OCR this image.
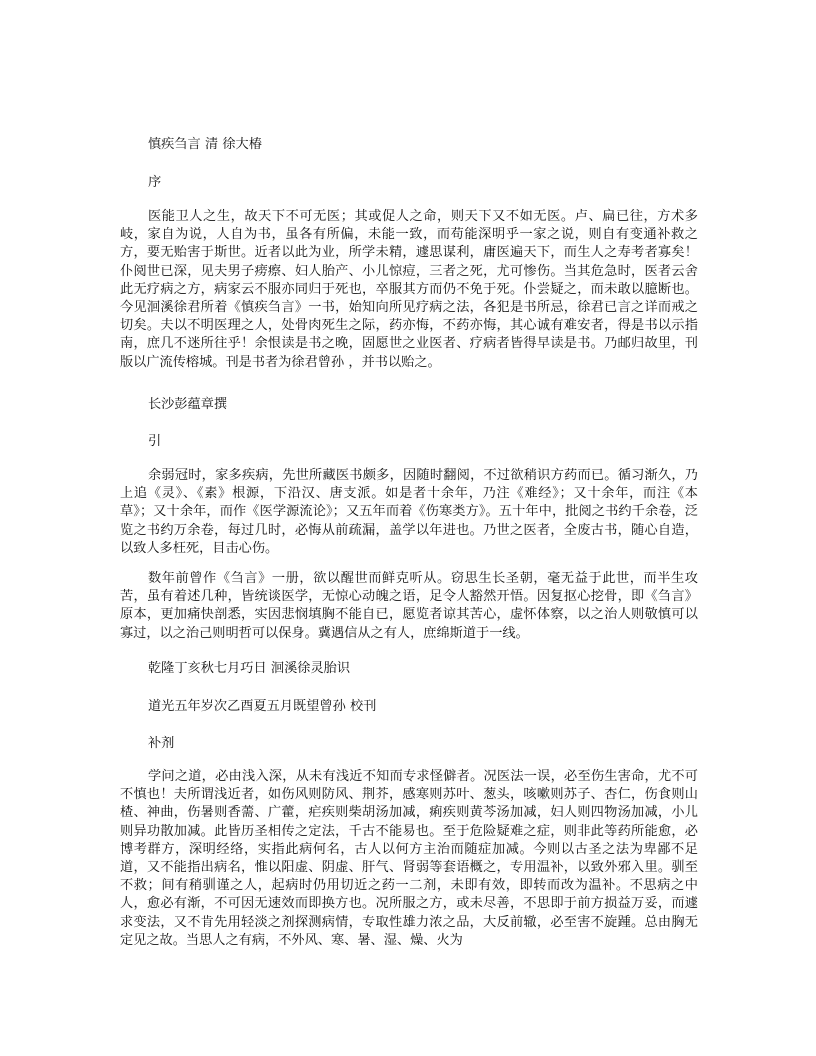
慎疾刍言 清 徐大椿
序

医能卫人之生，故天下不可无医；其或促人之命，则天下又不如无医。卢、扁已往，方术多岐，家自为说，人自为书，虽各有所偏，未能一致，而苟能深明乎一家之说，则自有变通补救之方，要无贻害于斯世。近者以此为业，所学未精，遽思谋利，庸医遍天下，而生人之寿考者寡矣！仆阅世已深，见夫男子痨瘵、妇人胎产、小儿惊痘，三者之死，尤可惨伤。当其危急时，医者云舍此无疗病之方，病家云不服亦同归于死也，卒服其方而仍不免于死。仆尝疑之，而未敢以臆断也。今见洄溪徐君所着《慎疾刍言》一书，始知向所见疗病之法，各犯是书所忌，徐君已言之详而戒之切矣。夫以不明医理之人，处骨肉死生之际，药亦悔，不药亦悔，其心诚有难安者，得是书以示指南，庶几不迷所往乎！余恨读是书之晚，固愿世之业医者、疗病者皆得早读是书。乃邮归故里，刊版以广流传榕城。刊是书者为徐君曾孙 ，并书以贻之。

长沙彭蕴章撰
引

余弱冠时，家多疾病，先世所藏医书颇多，因随时翻阅，不过欲稍识方药而已。循习渐久，乃上追《灵》、《素》根源，下沿汉、唐支派。如是者十余年，乃注《难经》；又十余年，而注《本草》；又十余年，而作《医学源流论》；又五年而着《伤寒类方》。五十年中，批阅之书约千余卷，泛览之书约万余卷，每过几时，必悔从前疏漏，盖学以年进也。乃世之医者，全废古书，随心自造，以致人多枉死，目击心伤。

数年前曾作《刍言》一册，欲以醒世而鲜克听从。窃思生长圣朝，毫无益于此世，而半生攻苦，虽有着述几种，皆统谈医学，无惊心动魄之语，足令人豁然开悟。因复抠心挖骨，即《刍言》原本，更加痛快剖悉，实因悲悯填胸不能自已，愿览者谅其苦心，虚怀体察，以之治人则敬慎可以寡过，以之治己则明哲可以保身。冀遇信从之有人，庶绵斯道于一线。

乾隆丁亥秋七月巧日 洄溪徐灵胎识
道光五年岁次乙酉夏五月既望曾孙 校刊
补剂

学问之道，必由浅入深，从未有浅近不知而专求怪僻者。况医法一误，必至伤生害命，尤不可不慎也！夫所谓浅近者，如伤风则防风、荆芥，感寒则苏叶、葱头，咳嗽则苏子、杏仁，伤食则山楂、神曲，伤暑则香薷、广藿，疟疾则柴胡汤加减，痢疾则黄芩汤加减，妇人则四物汤加减，小儿则异功散加减。此皆历圣相传之定法，千古不能易也。至于危险疑难之症，则非此等药所能愈，必博考群方，深明经络，实指此病何名，古人以何方主治而随症加减。今则以古圣之法为卑鄙不足道，又不能指出病名，惟以阳虚、阴虚、肝气、肾弱等套语概之，专用温补，以致外邪入里。驯至不救；间有稍驯谨之人，起病时仍用切近之药一二剂，未即有效，即转而改为温补。不思病之中人，愈必有渐，不可因无速效而即换方也。况所服之方，或未尽善，不思即于前方损益万妥，而遽求变法，又不肯先用轻淡之剂探测病情，专取性雄力浓之品，大反前辙，必至害不旋踵。总由胸无定见之故。当思人之有病，不外风、寒、暑、湿、燥、火为
